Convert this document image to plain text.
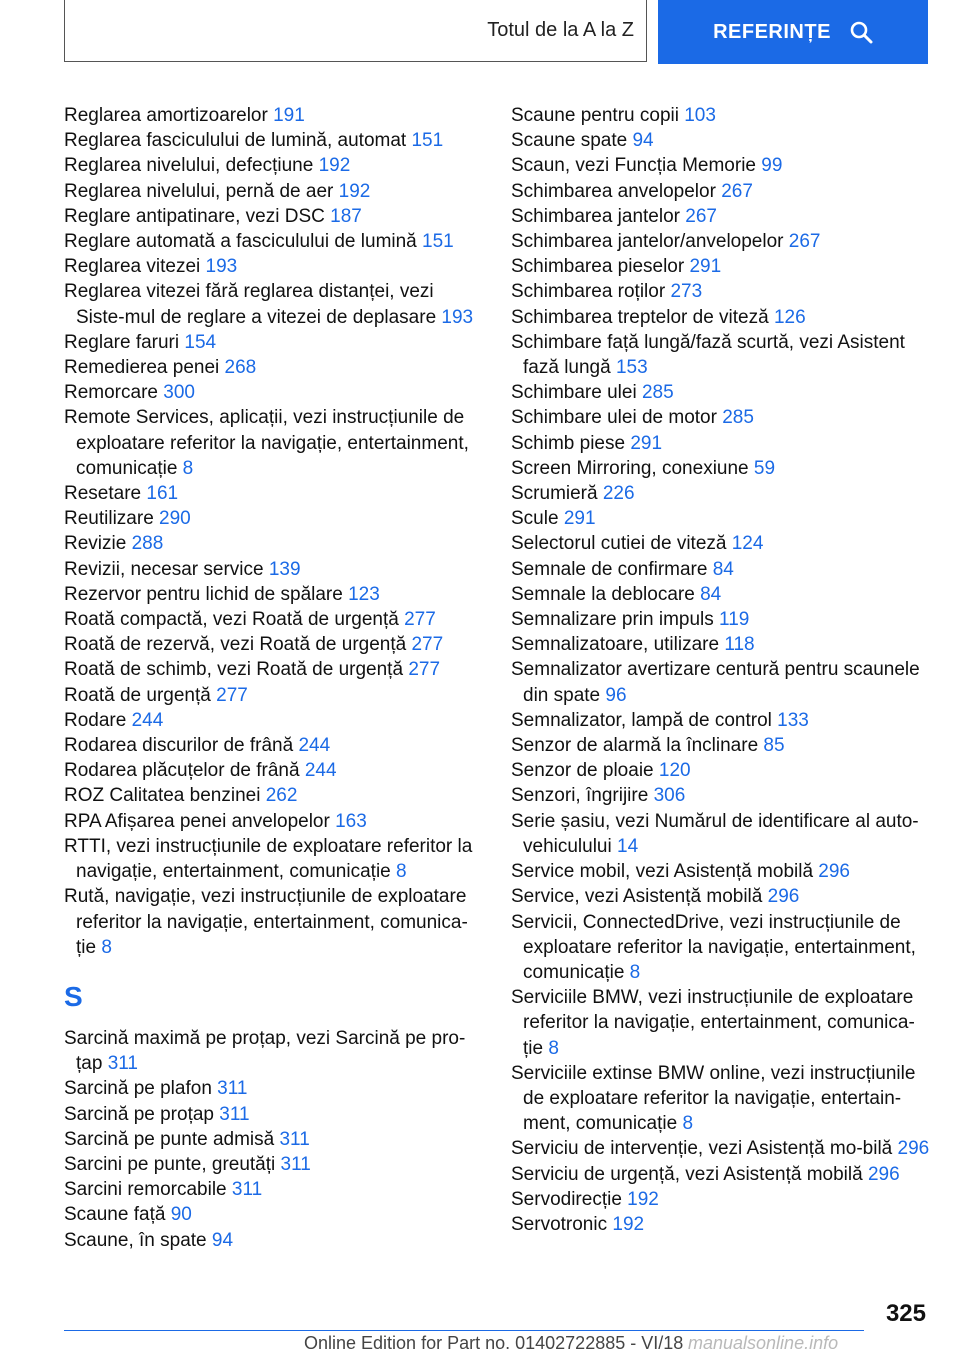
Totul de la A la Z	REFERINȚE

Reglarea amortizoarelor 191

Reglarea fasciculului de lumină, automat 151

Reglarea nivelului, defecțiune 192

Reglarea nivelului, pernă de aer 192

Reglare antipatinare, vezi DSC 187

Reglare automată a fasciculului de lumină 151

Reglarea vitezei 193

Reglarea vitezei fără reglarea distanței, vezi Siste-mul de reglare a vitezei de deplasare 193

Reglare faruri 154

Remedierea penei 268

Remorcare 300

Remote Services, aplicații, vezi instrucțiunile de exploatare referitor la navigație, entertainment, comunicație 8

Resetare 161

Reutilizare 290

Revizie 288

Revizii, necesar service 139

Rezervor pentru lichid de spălare 123

Roată compactă, vezi Roată de urgență 277

Roată de rezervă, vezi Roată de urgență 277

Roată de schimb, vezi Roată de urgență 277

Roată de urgență 277

Rodare 244

Rodarea discurilor de frână 244

Rodarea plăcuțelor de frână 244

ROZ Calitatea benzinei 262

RPA Afișarea penei anvelopelor 163

RTTI, vezi instrucțiunile de exploatare referitor la navigație, entertainment, comunicație 8

Rută, navigație, vezi instrucțiunile de exploatare referitor la navigație, entertainment, comunica-ție 8

S

Sarcină maximă pe proțap, vezi Sarcină pe pro-țap 311

Sarcină pe plafon 311

Sarcină pe proțap 311

Sarcină pe punte admisă 311

Sarcini pe punte, greutăți 311

Sarcini remorcabile 311

Scaune față 90

Scaune, în spate 94

Scaune pentru copii 103

Scaune spate 94

Scaun, vezi Funcția Memorie 99

Schimbarea anvelopelor 267

Schimbarea jantelor 267

Schimbarea jantelor/anvelopelor 267

Schimbarea pieselor 291

Schimbarea roților 273

Schimbarea treptelor de viteză 126

Schimbare față lungă/fază scurtă, vezi Asistent fază lungă 153

Schimbare ulei 285

Schimbare ulei de motor 285

Schimb piese 291

Screen Mirroring, conexiune 59

Scrumieră 226

Scule 291

Selectorul cutiei de viteză 124

Semnale de confirmare 84

Semnale la deblocare 84

Semnalizare prin impuls 119

Semnalizatoare, utilizare 118

Semnalizator avertizare centură pentru scaunele din spate 96

Semnalizator, lampă de control 133

Senzor de alarmă la înclinare 85

Senzor de ploaie 120

Senzori, îngrijire 306

Serie șasiu, vezi Numărul de identificare al auto-vehiculului 14

Service mobil, vezi Asistență mobilă 296

Service, vezi Asistență mobilă 296

Servicii, ConnectedDrive, vezi instrucțiunile de exploatare referitor la navigație, entertainment, comunicație 8

Serviciile BMW, vezi instrucțiunile de exploatare referitor la navigație, entertainment, comunica-ție 8

Serviciile extinse BMW online, vezi instrucțiunile de exploatare referitor la navigație, entertain-ment, comunicație 8

Serviciu de intervenție, vezi Asistență mo-bilă 296

Serviciu de urgență, vezi Asistență mobilă 296

Servodirecție 192

Servotronic 192

325
Online Edition for Part no. 01402722885 - VI/18 manualsonline.info
